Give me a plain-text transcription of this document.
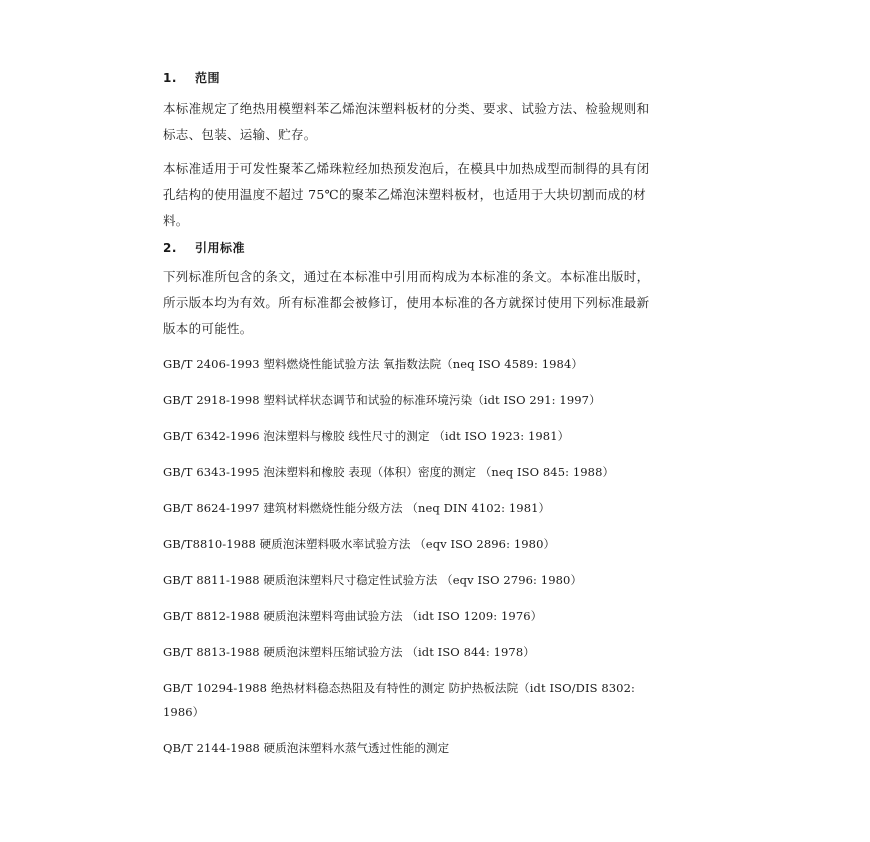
1. 范围

本标准规定了绝热用模塑料苯乙烯泡沫塑料板材的分类、要求、试验方法、检验规则和
标志、包装、运输、贮存。

本标准适用于可发性聚苯乙烯珠粒经加热预发泡后，在模具中加热成型而制得的具有闭
孔结构的使用温度不超过 75℃的聚苯乙烯泡沫塑料板材，也适用于大块切割而成的材
料。

2. 引用标准

下列标准所包含的条文，通过在本标准中引用而构成为本标准的条文。本标准出版时，
所示版本均为有效。所有标准都会被修订，使用本标准的各方就探讨使用下列标准最新
版本的可能性。

GB/T 2406-1993 塑料燃烧性能试验方法 氧指数法院（neq ISO 4589: 1984）

GB/T 2918-1998 塑料试样状态调节和试验的标准环境污染（idt ISO 291: 1997）

GB/T 6342-1996 泡沫塑料与橡胶 线性尺寸的测定 （idt ISO 1923: 1981）

GB/T 6343-1995 泡沫塑料和橡胶 表现（体积）密度的测定 （neq ISO 845: 1988）

GB/T 8624-1997 建筑材料燃烧性能分级方法 （neq DIN 4102: 1981）

GB/T8810-1988 硬质泡沫塑料吸水率试验方法 （eqv ISO 2896: 1980）

GB/T 8811-1988 硬质泡沫塑料尺寸稳定性试验方法 （eqv ISO 2796: 1980）

GB/T 8812-1988 硬质泡沫塑料弯曲试验方法 （idt ISO 1209: 1976）

GB/T 8813-1988 硬质泡沫塑料压缩试验方法 （idt ISO 844: 1978）

GB/T 10294-1988 绝热材料稳态热阻及有特性的测定 防护热板法院（idt ISO/DIS 8302:
1986）

QB/T 2144-1988 硬质泡沫塑料水蒸气透过性能的测定
